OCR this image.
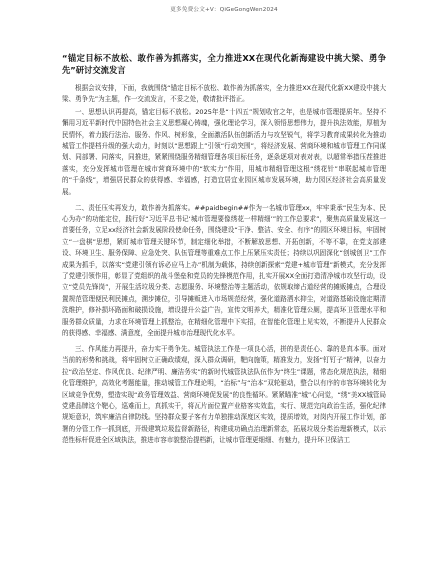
更多免费公文+V：QiGeGongWen2024

“锚定目标不放松、敢作善为抓落实，全力推进XX在现代化新海建设中挑大梁、勇争先”研讨交流发言

根据会议安排，下面，我就围绕“锚定目标不放松、敢作善为抓落实，全力推进XX在现代化新XX建设中挑大梁、勇争先”为主题，作一交流发言，不妥之处，敬请批评指正。

一、思想认识再提高，锚定目标不放松。2025年是“十四五”规划收官之年，也是城市管理提质年。坚持不懈用习近平新时代中国特色社会主义思想凝心铸魂，强化理论学习，深入领悟思想伟力，提升执法效能，厚植为民情怀，着力践行法治、服务、作风、树形象，全面激活队伍创新活力与攻坚锐气，将学习教育成果转化为推动城管工作提档升级的强大动力，时刻以“思想跟上”引领“行动突围”，将经济发展、营商环境和城市管理工作同谋划、同部署、同落实，同推进，紧紧围绕服务精细管理各项目标任务，逐条逐项对表对表，以超常举措压茬推进落实，充分发挥城市管理在城市营商环境中的“软实力”作用，用城市精细管理这根“绣花针”串联起城市管理的“千条线”，增强居民群众的获得感、幸福感，打造宜居宜业园区城市发展环境，助力园区经济社会高质量发展。

二、责任压实再发力，敢作善为抓落实。##paidbegin##作为一名城市管理xx，牢牢秉承“民生为本、民心为办”的功能定位，践行好“习近平总书记‘城市管理要像绣花一样精细’”的工作总要求”，聚焦高质量发展这一首要任务，立足xx经济社会新发展阶段使命任务，围绕建设“干净、整洁、安全、有序”的园区环境目标，牢固树立“一盘棋”思想，紧盯城市管理关键环节，制定细化举措，不断解放思想、开拓创新，不等不靠，在党支部建设、环境卫生、服务保障、应急处突、队伍管理等重难点工作上压紧压实责任；持续以巩固深化“创城创卫”工作成果为抓手，以落实“党建引领有诉必应马上办”机制为载体，持续创新探索“党建+城市管理”新模式，充分发挥了党建引领作用，彰显了党组织的战斗堡垒和党员的先锋模范作用，扎实开展XX全面打造清净城市攻坚行动，设立“党员先锋岗”，开展生活垃圾分类、志愿服务、环境整治等主题活动，依规取缔占道经营的摊贩摊点，合理设置规范管理便民利民摊点，溯步摊位，引导摊贩进入市场规范经营，强化道路洒水抑尘，对道路基础设施定期清洗维护，修补损坏路面和破损设施，增设提升公益广告，宣传文明养犬，精准化管理公厕，提高环卫管理水平和服务群众质量，力求在环境管理上抓整治，在精细化管理中下实招，在智能化管理上见实效，不断提升人民群众的获得感、幸福感、满意度，全面提升城市治理现代化水平。

三、作风能力再提升，奋力实干勇争先。城管执法工作是一项良心活，拼的是责任心、靠的是真本事。面对当前的形势和挑战，将牢固树立正确政绩观，深入群众调研，靶向施策，精准发力，发扬“钉钉子”精神，以奋力拉“政治坚定、作风优良、纪律严明、廉洁务实”的新时代城管执法队伍作为“终生”课题，常态化规范执法，精细化管理维护，高效化考题能量，推动城管工作理论明，“治标”与“治本”双轮驱动，整合以有序的市容环境转化为区域竞争优势，塑造实现“政务管理效益、营商环境促发展”的良性循环。紧紧瞄准“城”心问觉，“绣”美XX城管局党建品牌这个靶心，巡难而上，真抓实干，将瓦片面位置产业格客实效监，实行、规范完向政治生活，强化纪律规矩意识，筑牢廉洁自律防线。坚持群众要子客有力单独推动深度区实效，提质增效，对岗内开展工作计划，部署的分管工作一抓到底，开级建筑垃圾监督新路径，构建成功确点治理新常态，拓展垃圾分类治理新模式，以示范性标杆促进全区域执法，推进市容市貌整治提档新，让城市管理更细细、有魅力，提升环卫保洁工
